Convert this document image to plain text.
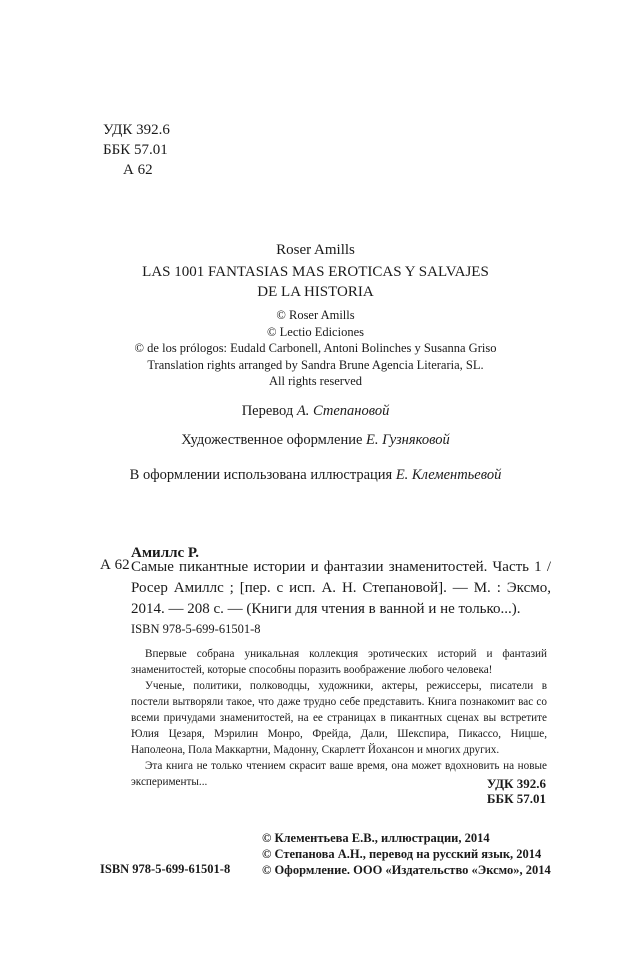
УДК 392.6
ББК 57.01
А 62
Roser Amills
LAS 1001 FANTASIAS MAS EROTICAS Y SALVAJES
DE LA HISTORIA
© Roser Amills
© Lectio Ediciones
© de los prólogos: Eudald Carbonell, Antoni Bolinches y Susanna Griso
Translation rights arranged by Sandra Brune Agencia Literaria, SL.
All rights reserved
Перевод А. Степановой
Художественное оформление Е. Гузняковой
В оформлении использована иллюстрация Е. Клементьевой
Амиллс Р.
А 62 Самые пикантные истории и фантазии знаменитостей. Часть 1 / Росер Амиллс ; [пер. с исп. А. Н. Степановой]. — М. : Эксмо, 2014. — 208 с. — (Книги для чтения в ванной и не только...).
ISBN 978-5-699-61501-8

Впервые собрана уникальная коллекция эротических историй и фантазий знаменитостей, которые способны поразить воображение любого человека!

Ученые, политики, полководцы, художники, актеры, режиссеры, писатели в постели вытворяли такое, что даже трудно себе представить. Книга познакомит вас со всеми причудами знаменитостей, на ее страницах в пикантных сценах вы встретите Юлия Цезаря, Мэрилин Монро, Фрейда, Дали, Шекспира, Пикассо, Ницше, Наполеона, Пола Маккартни, Мадонну, Скарлетт Йохансон и многих других.

Эта книга не только чтением скрасит ваше время, она может вдохновить на новые эксперименты...	УДК 392.6
ББК 57.01
© Клементьева Е.В., иллюстрации, 2014
© Степанова А.Н., перевод на русский язык, 2014
© Оформление. ООО «Издательство «Эксмо», 2014
ISBN 978-5-699-61501-8
